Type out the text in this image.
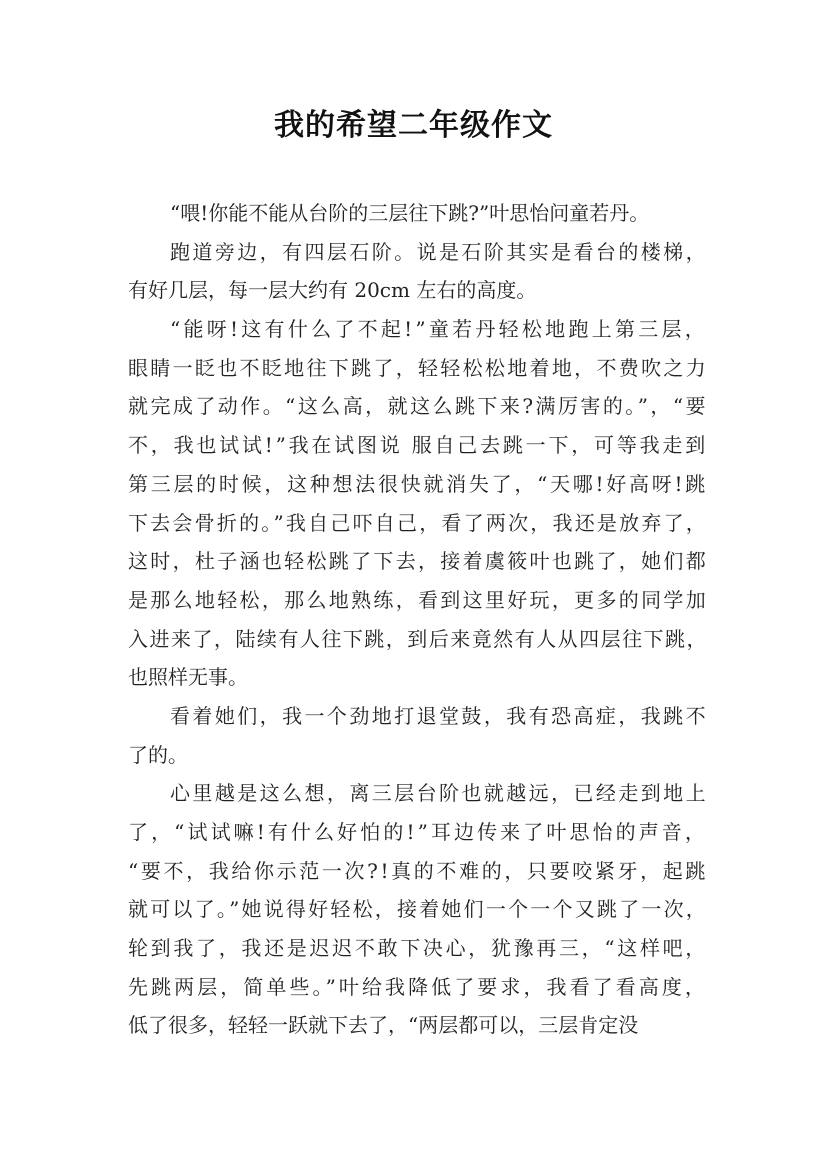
我的希望二年级作文
“喂!你能不能从台阶的三层往下跳?”叶思怡问童若丹。
跑道旁边，有四层石阶。说是石阶其实是看台的楼梯，
有好几层，每一层大约有 20cm 左右的高度。
“能呀!这有什么了不起!”童若丹轻松地跑上第三层，
眼睛一眨也不眨地往下跳了，轻轻松松地着地，不费吹之力
就完成了动作。“这么高，就这么跳下来?满厉害的。”，“要
不，我也试试!”我在试图说 服自己去跳一下，可等我走到
第三层的时候，这种想法很快就消失了，“天哪!好高呀!跳
下去会骨折的。”我自己吓自己，看了两次，我还是放弃了，
这时，杜子涵也轻松跳了下去，接着虞筱叶也跳了，她们都
是那么地轻松，那么地熟练，看到这里好玩，更多的同学加
入进来了，陆续有人往下跳，到后来竟然有人从四层往下跳，
也照样无事。
看着她们，我一个劲地打退堂鼓，我有恐高症，我跳不
了的。
心里越是这么想，离三层台阶也就越远，已经走到地上
了，“试试嘛!有什么好怕的!”耳边传来了叶思怡的声音，
“要不，我给你示范一次?!真的不难的，只要咬紧牙，起跳
就可以了。”她说得好轻松，接着她们一个一个又跳了一次，
轮到我了，我还是迟迟不敢下决心，犹豫再三，“这样吧，
先跳两层，简单些。”叶给我降低了要求，我看了看高度，
低了很多，轻轻一跃就下去了，“两层都可以，三层肯定没
